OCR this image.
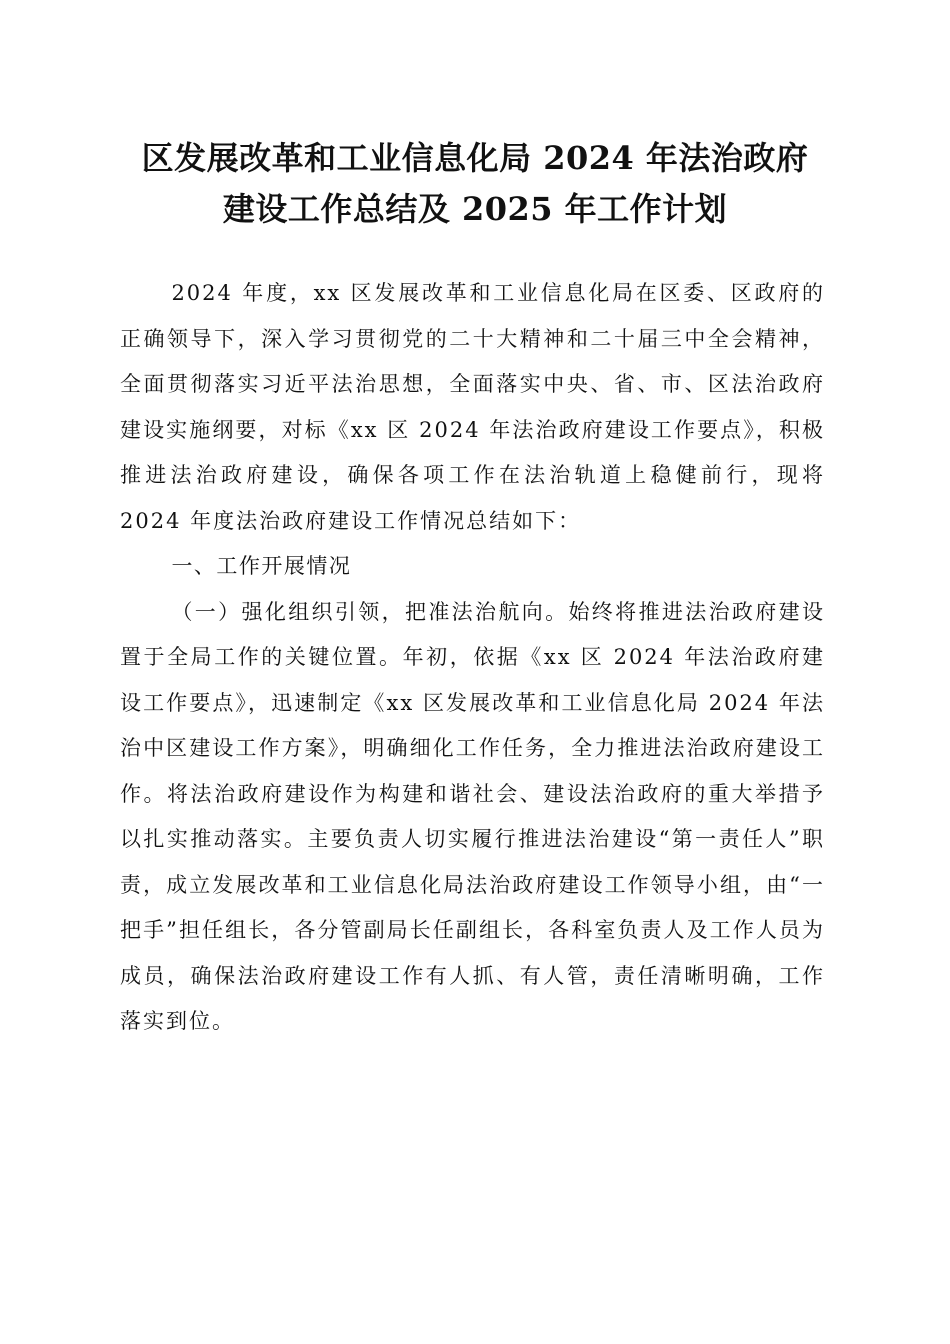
区发展改革和工业信息化局 2024 年法治政府
建设工作总结及 2025 年工作计划

2024 年度，xx 区发展改革和工业信息化局在区委、区政府的正确领导下，深入学习贯彻党的二十大精神和二十届三中全会精神，全面贯彻落实习近平法治思想，全面落实中央、省、市、区法治政府建设实施纲要，对标《xx 区 2024 年法治政府建设工作要点》，积极推进法治政府建设，确保各项工作在法治轨道上稳健前行，现将 2024 年度法治政府建设工作情况总结如下：

一、工作开展情况

（一）强化组织引领，把准法治航向。始终将推进法治政府建设置于全局工作的关键位置。年初，依据《xx 区 2024 年法治政府建设工作要点》，迅速制定《xx 区发展改革和工业信息化局 2024 年法治中区建设工作方案》，明确细化工作任务，全力推进法治政府建设工作。将法治政府建设作为构建和谐社会、建设法治政府的重大举措予以扎实推动落实。主要负责人切实履行推进法治建设“第一责任人”职责，成立发展改革和工业信息化局法治政府建设工作领导小组，由“一把手”担任组长，各分管副局长任副组长，各科室负责人及工作人员为成员，确保法治政府建设工作有人抓、有人管，责任清晰明确，工作落实到位。
